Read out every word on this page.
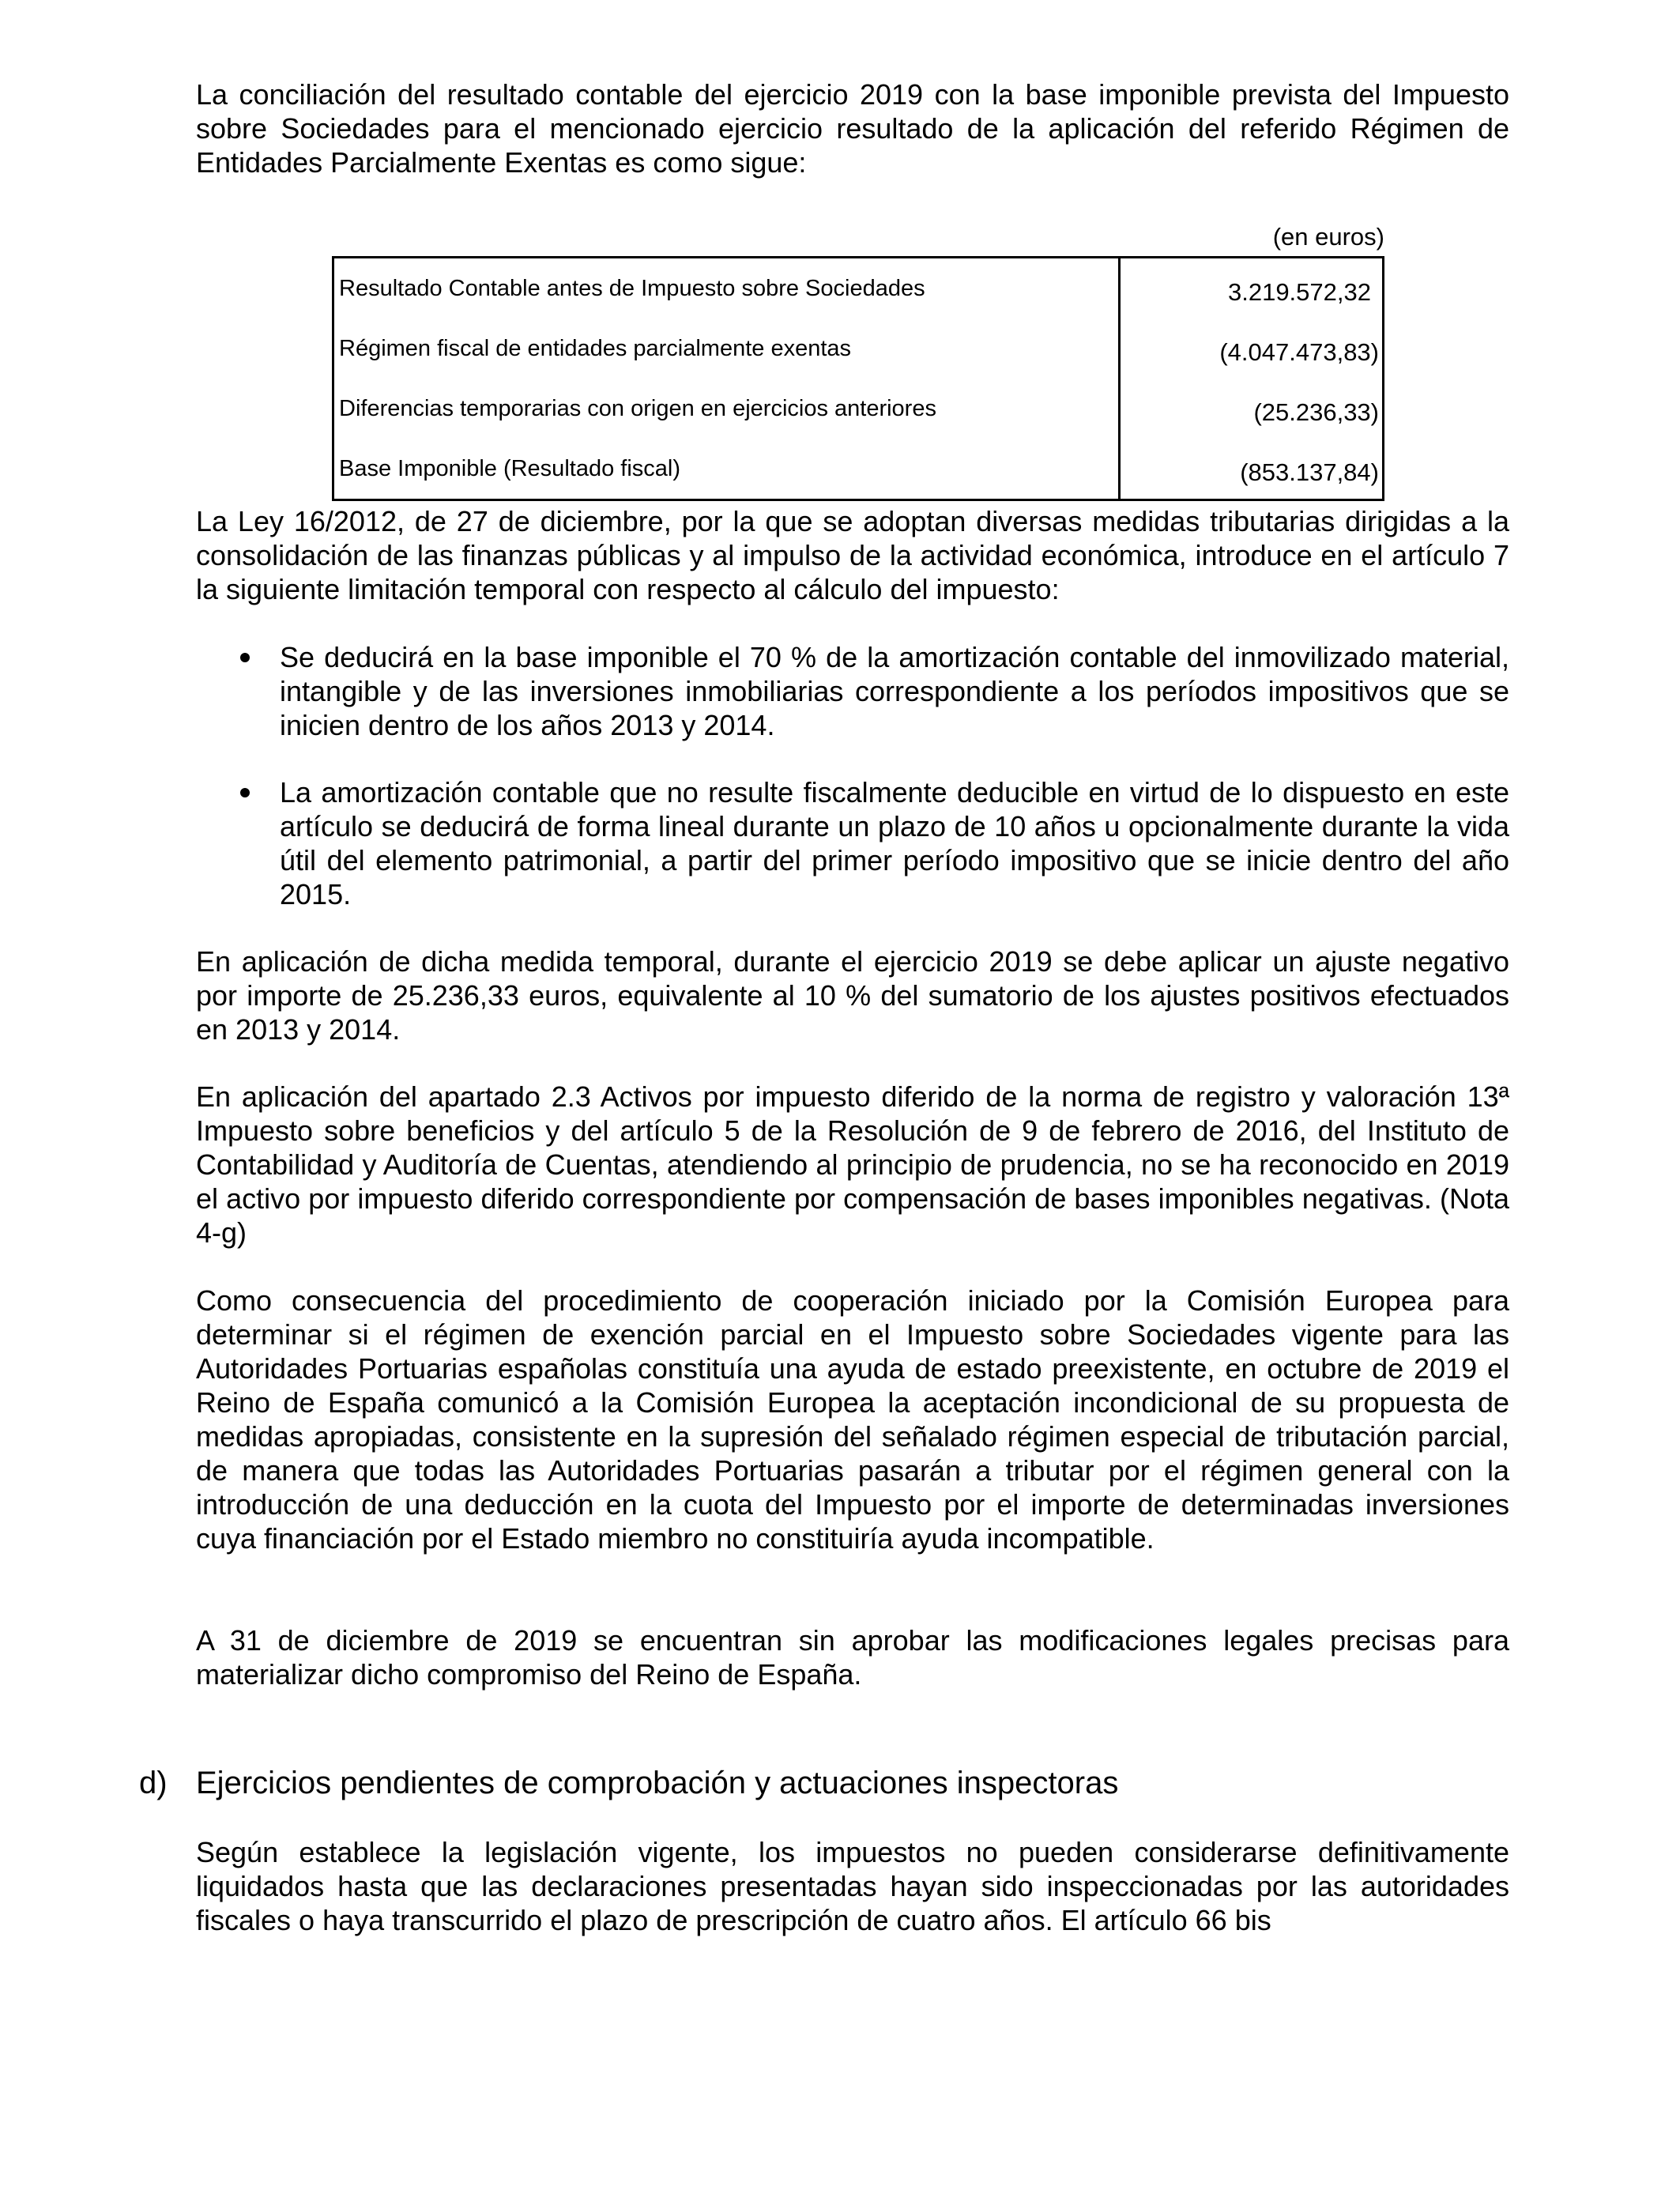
La conciliación del resultado contable del ejercicio 2019 con la base imponible prevista del Impuesto sobre Sociedades para el mencionado ejercicio resultado de la aplicación del referido Régimen de Entidades Parcialmente Exentas es como sigue:

(en euros)
Resultado Contable antes de Impuesto sobre Sociedades	3.219.572,32
Régimen fiscal de entidades parcialmente exentas	(4.047.473,83)
Diferencias temporarias con origen en ejercicios anteriores	(25.236,33)
Base Imponible (Resultado fiscal)	(853.137,84)

La Ley 16/2012, de 27 de diciembre, por la que se adoptan diversas medidas tributarias dirigidas a la consolidación de las finanzas públicas y al impulso de la actividad económica, introduce en el artículo 7 la siguiente limitación temporal con respecto al cálculo del impuesto:

Se deducirá en la base imponible el 70 % de la amortización contable del inmovilizado material, intangible y de las inversiones inmobiliarias correspondiente a los períodos impositivos que se inicien dentro de los años 2013 y 2014.
La amortización contable que no resulte fiscalmente deducible en virtud de lo dispuesto en este artículo se deducirá de forma lineal durante un plazo de 10 años u opcionalmente durante la vida útil del elemento patrimonial, a partir del primer período impositivo que se inicie dentro del año 2015.

En aplicación de dicha medida temporal, durante el ejercicio 2019 se debe aplicar un ajuste negativo por importe de 25.236,33 euros, equivalente al 10 % del sumatorio de los ajustes positivos efectuados en 2013 y 2014.

En aplicación del apartado 2.3 Activos por impuesto diferido de la norma de registro y valoración 13ª Impuesto sobre beneficios y del artículo 5 de la Resolución de 9 de febrero de 2016, del Instituto de Contabilidad y Auditoría de Cuentas, atendiendo al principio de prudencia, no se ha reconocido en 2019 el activo por impuesto diferido correspondiente por compensación de bases imponibles negativas. (Nota 4-g)

Como consecuencia del procedimiento de cooperación iniciado por la Comisión Europea para determinar si el régimen de exención parcial en el Impuesto sobre Sociedades vigente para las Autoridades Portuarias españolas constituía una ayuda de estado preexistente, en octubre de 2019 el Reino de España comunicó a la Comisión Europea la aceptación incondicional de su propuesta de medidas apropiadas, consistente en la supresión del señalado régimen especial de tributación parcial, de manera que todas las Autoridades Portuarias pasarán a tributar por el régimen general con la introducción de una deducción en la cuota del Impuesto por el importe de determinadas inversiones cuya financiación por el Estado miembro no constituiría ayuda incompatible.

A 31 de diciembre de 2019 se encuentran sin aprobar las modificaciones legales precisas para materializar dicho compromiso del Reino de España.

d) Ejercicios pendientes de comprobación y actuaciones inspectoras

Según establece la legislación vigente, los impuestos no pueden considerarse definitivamente liquidados hasta que las declaraciones presentadas hayan sido inspeccionadas por las autoridades fiscales o haya transcurrido el plazo de prescripción de cuatro años. El artículo 66 bis
